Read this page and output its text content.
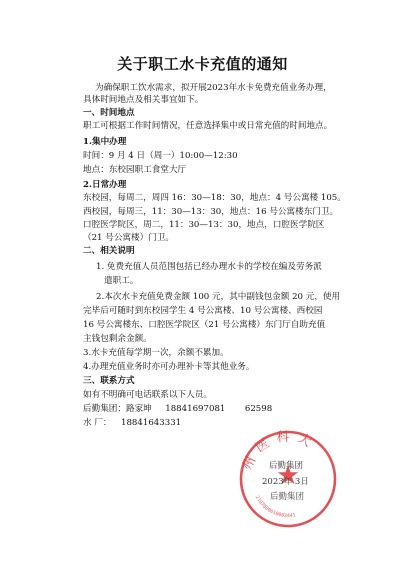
关于职工水卡充值的通知
为确保职工饮水需求，拟开展2023年水卡免费充值业务办理，
具体时间地点及相关事宜如下。
一、时间地点
职工可根据工作时间情况，任意选择集中或日常充值的时间地点。
1.集中办理
时间：9 月 4 日（周一）10:00—12:30
地点：东校园职工食堂大厅
2.日常办理
东校园，每周二，周四 16：30—18：30，地点：4 号公寓楼 105。
西校园，每周三，11：30—13：30，地点：16 号公寓楼东门卫。
口腔医学院区，周二，11：30—13：30，地点，口腔医学院区
（21 号公寓楼）门卫。
二、相关说明
1. 免费充值人员范围包括已经办理水卡的学校在编及劳务派
遣职工。
2.本次水卡充值免费金额 100 元，其中副钱包金额 20 元，使用
完毕后可随时到东校园学生 4 号公寓楼、10 号公寓楼、西校园
16 号公寓楼东、口腔医学院区（21 号公寓楼）东门厅自助充值
主钱包剩余金额。
3.水卡充值每学期一次，余额不累加。
4.办理充值业务时亦可办理补卡等其他业务。
三、联系方式
如有不明确可电话联系以下人员。
后勤集团：路家坤 18841697081 62598
水 厂： 18841643331
州医科大
2107000010003441
后勤集团
2023年 3日
后勤集团
